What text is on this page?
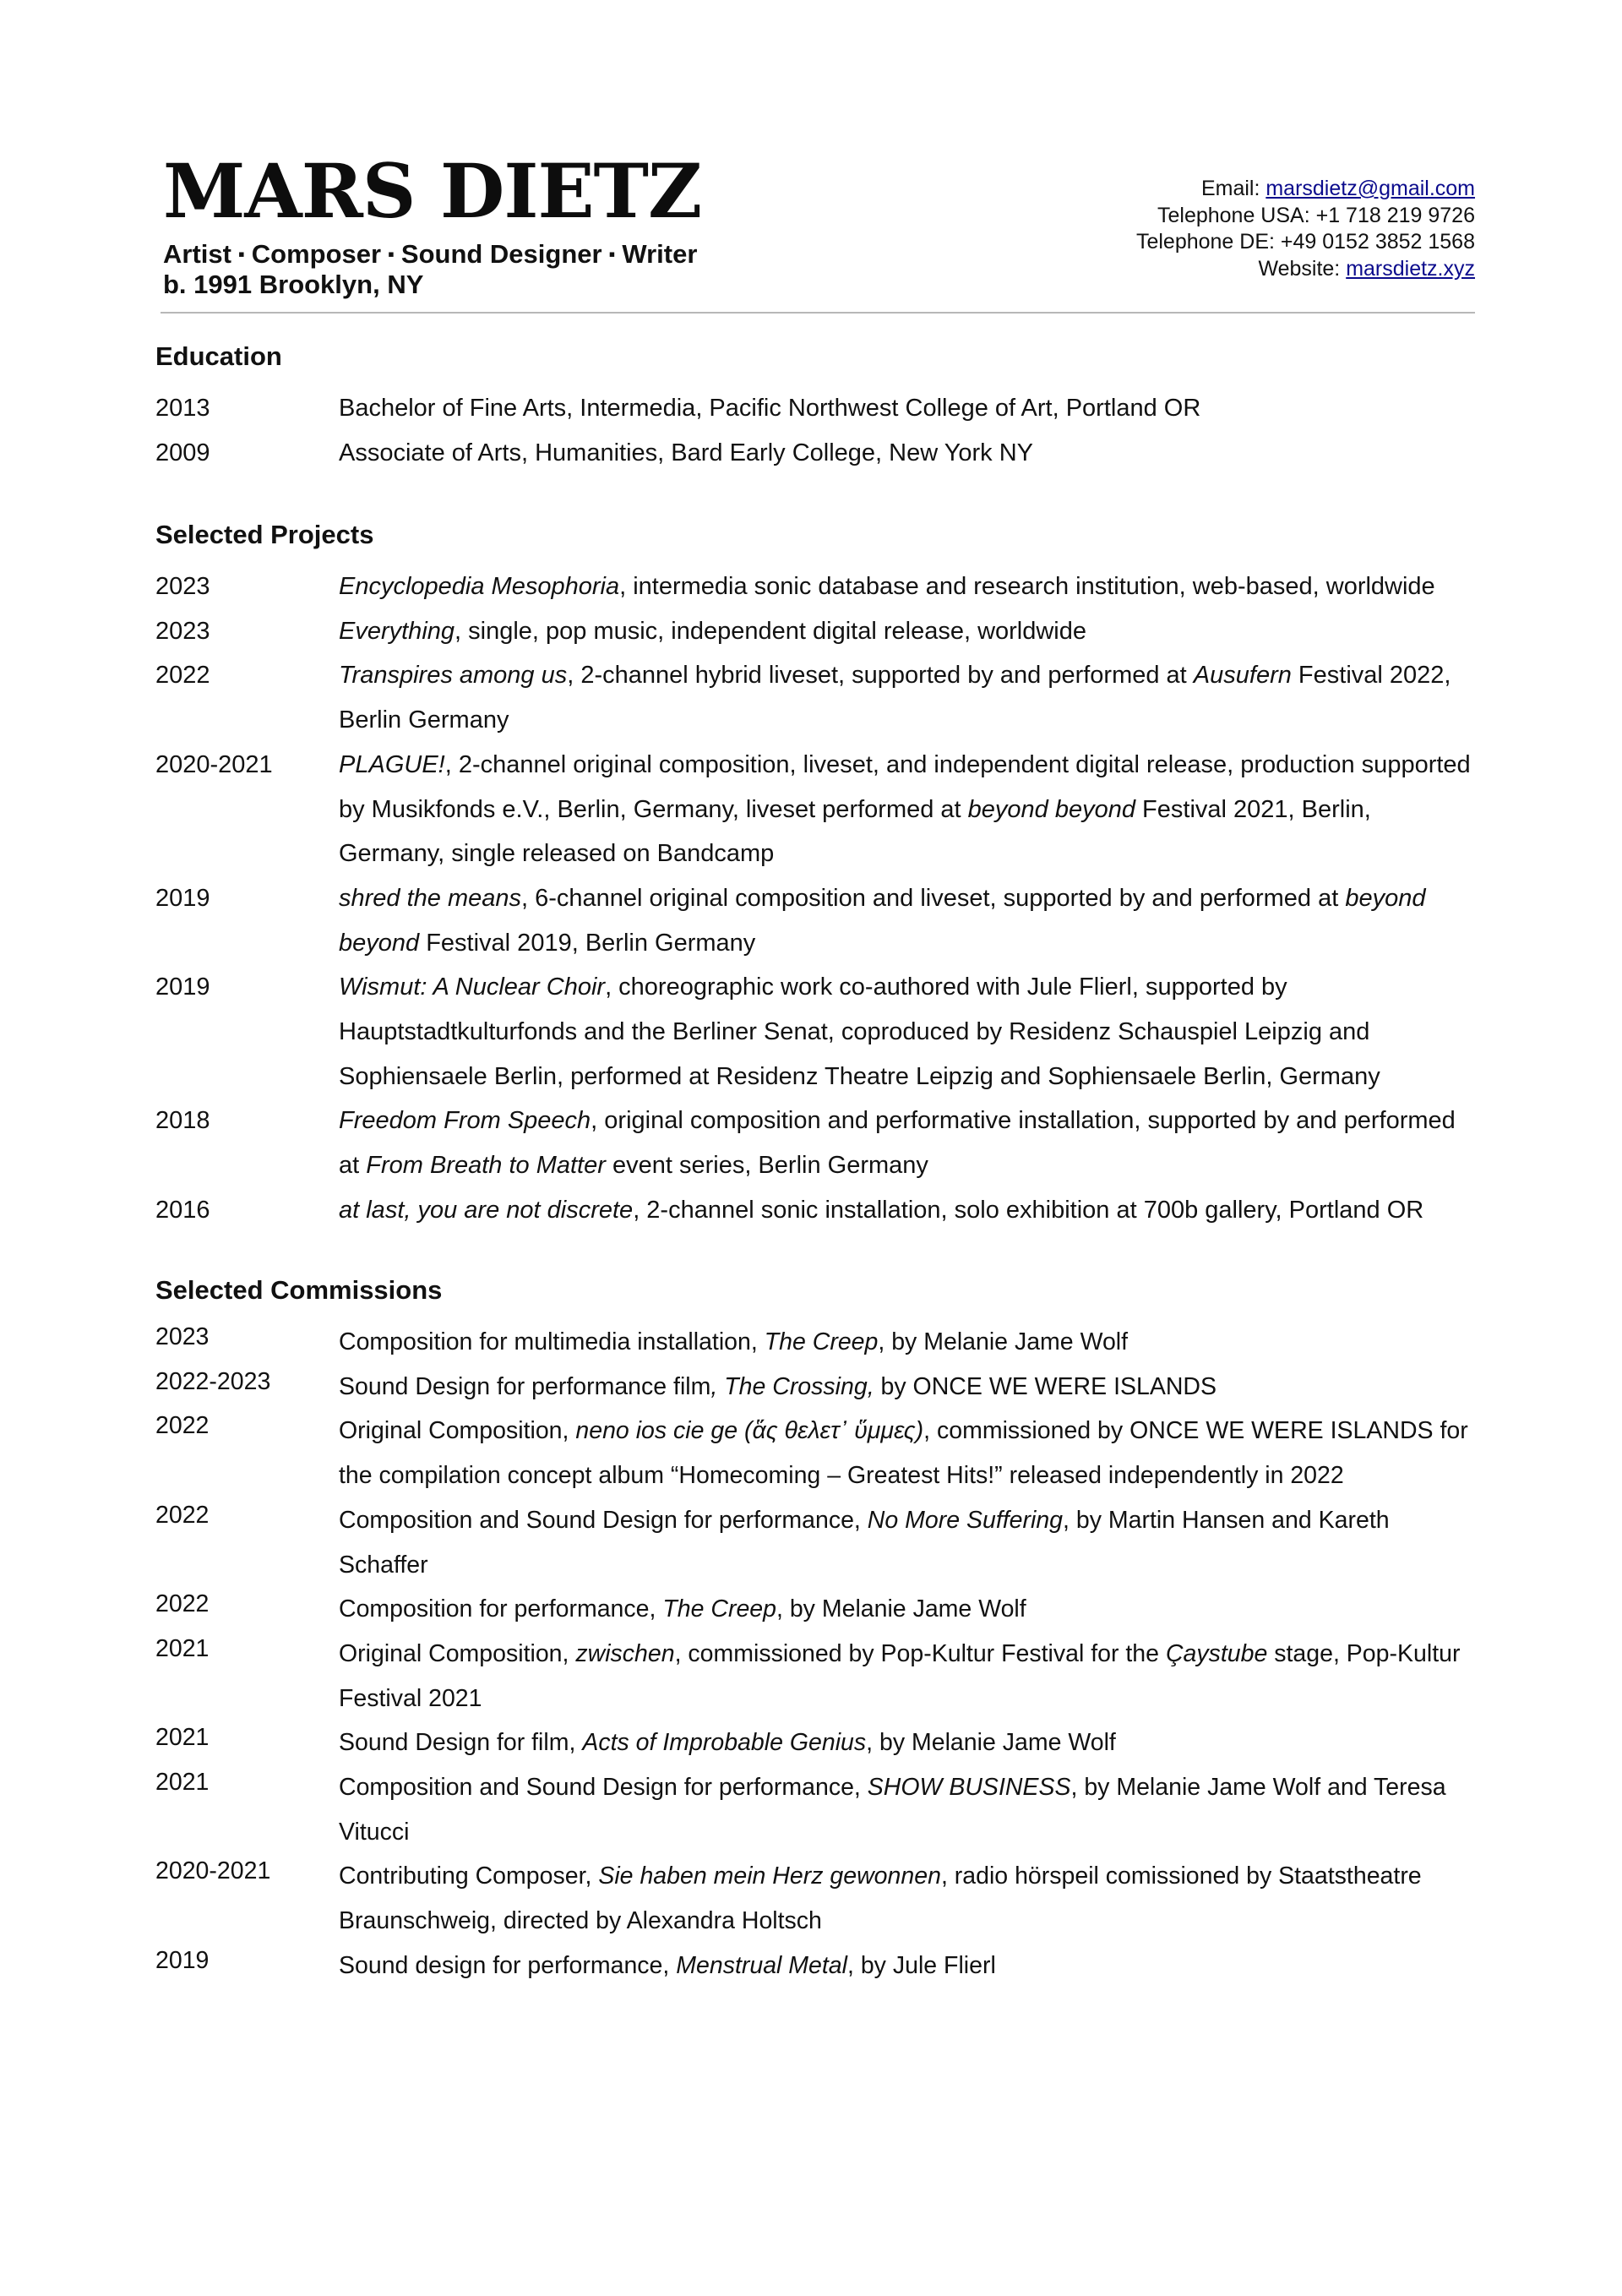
MARS DIETZ
Artist ▪ Composer ▪ Sound Designer ▪ Writer
b. 1991 Brooklyn, NY
Email: marsdietz@gmail.com
Telephone USA: +1 718 219 9726
Telephone DE: +49 0152 3852 1568
Website: marsdietz.xyz
Education
2013	Bachelor of Fine Arts, Intermedia, Pacific Northwest College of Art, Portland OR
2009	Associate of Arts, Humanities, Bard Early College, New York NY
Selected Projects
2023	Encyclopedia Mesophoria, intermedia sonic database and research institution, web-based, worldwide
2023	Everything, single, pop music, independent digital release, worldwide
2022	Transpires among us, 2-channel hybrid liveset, supported by and performed at Ausufern Festival 2022, Berlin Germany
2020-2021	PLAGUE!, 2-channel original composition, liveset, and independent digital release, production supported by Musikfonds e.V., Berlin, Germany, liveset performed at beyond beyond Festival 2021, Berlin, Germany, single released on Bandcamp
2019	shred the means, 6-channel original composition and liveset, supported by and performed at beyond beyond Festival 2019, Berlin Germany
2019	Wismut: A Nuclear Choir, choreographic work co-authored with Jule Flierl, supported by Hauptstadtkulturfonds and the Berliner Senat, coproduced by Residenz Schauspiel Leipzig and Sophiensaele Berlin, performed at Residenz Theatre Leipzig and Sophiensaele Berlin, Germany
2018	Freedom From Speech, original composition and performative installation, supported by and performed at From Breath to Matter event series, Berlin Germany
2016	at last, you are not discrete, 2-channel sonic installation, solo exhibition at 700b gallery, Portland OR
Selected Commissions
2023	Composition for multimedia installation, The Creep, by Melanie Jame Wolf
2022-2023	Sound Design for performance film, The Crossing, by ONCE WE WERE ISLANDS
2022	Original Composition, neno ios cie ge (ἅς θελετ᾽ ὕμμες), commissioned by ONCE WE WERE ISLANDS for the compilation concept album “Homecoming – Greatest Hits!” released independently in 2022
2022	Composition and Sound Design for performance, No More Suffering, by Martin Hansen and Kareth Schaffer
2022	Composition for performance, The Creep, by Melanie Jame Wolf
2021	Original Composition, zwischen, commissioned by Pop-Kultur Festival for the Çaystube stage, Pop-Kultur Festival 2021
2021	Sound Design for film, Acts of Improbable Genius, by Melanie Jame Wolf
2021	Composition and Sound Design for performance, SHOW BUSINESS, by Melanie Jame Wolf and Teresa Vitucci
2020-2021	Contributing Composer, Sie haben mein Herz gewonnen, radio hörspeil comissioned by Staatstheatre Braunschweig, directed by Alexandra Holtsch
2019	Sound design for performance, Menstrual Metal, by Jule Flierl
